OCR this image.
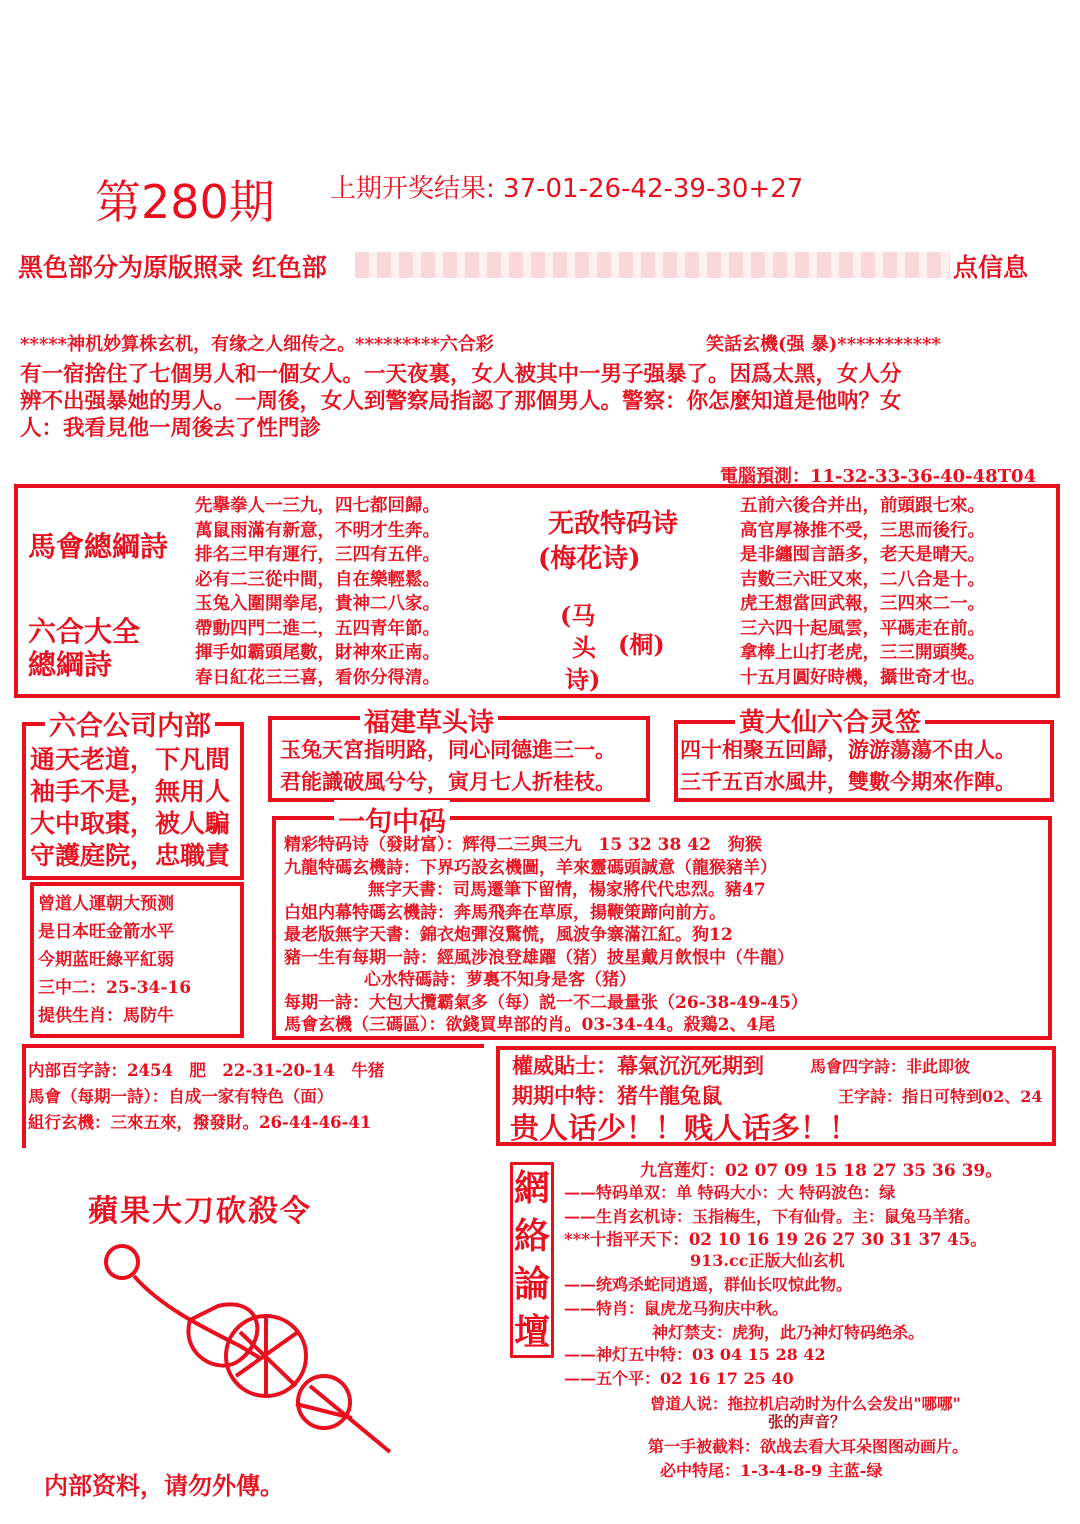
第280期 上期开奖结果: 37-01-26-42-39-30+27
黑色部分为原版照录 红色部	点信息
*****神机妙算株玄机，有缘之人细传之。*********六合彩	笑話玄機(强 暴)***********
有一宿捨住了七個男人和一個女人。一天夜裏，女人被其中一男子强暴了。因爲太黑，女人分
辨不出强暴她的男人。一周後，女人到警察局指認了那個男人。警察：你怎麼知道是他呐？女
人：我看見他一周後去了性門診
電腦預測：11-32-33-36-40-48T04
馬會總綱詩
六合大全
總綱詩
先擧拳人一三九，四七都回歸。
萬鼠雨滿有新意，不明才生奔。
排名三甲有運行，三四有五伴。
必有二三從中間，自在樂輕鬆。
玉兔入圍開拳尾，貴神二八家。
帶動四門二進二，五四青年節。
揮手如霸頭尾數，財神來正南。
春日紅花三三喜，看你分得清。
无敌特码诗
(梅花诗)
(马
头
诗)
(桐)
五前六後合并出，前頭跟七來。
高官厚祿推不受，三思而後行。
是非纏囤言語多，老天是晴天。
吉數三六旺又來，二八合是十。
虎王想當回武報，三四來二一。
三六四十起風雲，平碼走在前。
拿棒上山打老虎，三三開頭獎。
十五月圓好時機，攝世奇才也。
六合公司内部
通天老道，下凡間
袖手不是，無用人
大中取棗，被人騙
守護庭院，忠職責
福建草头诗
玉兔天宮指明路，同心同德進三一。
君能識破風兮兮，寅月七人折桂枝。
黄大仙六合灵签
四十相聚五回歸，游游蕩蕩不由人。
三千五百水風井，雙數今期來作陣。
一句中码
精彩特码诗（發財富）：辉得二三與三九　15 32 38 42　狗猴
九龍特碼玄機詩：下界巧設玄機圖，羊來靈碼頭誠意（龍猴豬羊）
無字天書：司馬遷筆下留情，楊家將代代忠烈。豬47
白姐内幕特碼玄機詩：奔馬飛奔在草原，揚鞭策蹄向前方。
最老版無字天書：錦衣炮彈沒驚慌，風波争寨滿江紅。狗12
豬一生有每期一詩：經風涉浪登雄躍（猪）披星戴月飲恨中（牛龍）
心水特碼詩：萝裏不知身是客（猪）
每期一詩：大包大攬霸氣多（每）説一不二最量张（26-38-49-45）
馬會玄機（三碼區）：欲錢買卑部的肖。03-34-44。殺鶏2、4尾
曾道人運朝大预测
是日本旺金箭水平
今期蓝旺綠平紅弱
三中二：25-34-16
提供生肖：馬防牛
内部百字詩：2454　肥　22-31-20-14　牛猪
馬會（每期一詩）：自成一家有特色（面）
組行玄機：三來五來，撥發財。26-44-46-41
權威貼士：幕氣沉沉死期到	馬會四字詩：非此即彼
期期中特：猪牛龍兔鼠	王字詩：指日可特到02、24
贵人话少！！贱人话多！！
蘋果大刀砍殺令
内部资料，请勿外傳。
網
絡
論
壇
九宫莲灯：02 07 09 15 18 27 35 36 39。
——特码单双：单 特码大小：大 特码波色：绿
——生肖玄机诗：玉指梅生，下有仙骨。主：鼠兔马羊猪。
***十指平天下：02 10 16 19 26 27 30 31 37 45。
913.cc正版大仙玄机
——统鸡杀蛇同逍遥，群仙长叹惊此物。
——特肖：鼠虎龙马狗庆中秋。
神灯禁支：虎狗，此乃神灯特码绝杀。
——神灯五中特：03 04 15 28 42
——五个平：02 16 17 25 40
曾道人说：拖拉机启动时为什么会发出"哪哪"
张的声音？
第一手被截料：欲战去看大耳朵图图动画片。
必中特尾：1-3-4-8-9 主蓝-绿
